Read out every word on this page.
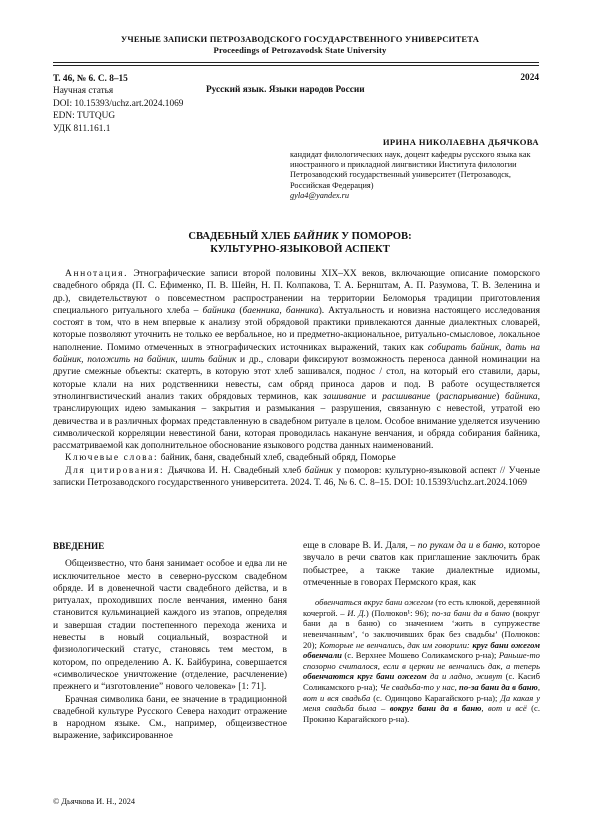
УЧЕНЫЕ ЗАПИСКИ ПЕТРОЗАВОДСКОГО ГОСУДАРСТВЕННОГО УНИВЕРСИТЕТА
Proceedings of Petrozavodsk State University
Т. 46, № 6. С. 8–15
Научная статья
DOI: 10.15393/uchz.art.2024.1069
EDN: TUTQUG
УДК 811.161.1
2024
Русский язык. Языки народов России
ИРИНА НИКОЛАЕВНА ДЬЯЧКОВА

кандидат филологических наук, доцент кафедры русского языка как иностранного и прикладной лингвистики Института филологии

Петрозаводский государственный университет (Петрозаводск, Российская Федерация)

gyla4@yandex.ru

СВАДЕБНЫЙ ХЛЕБ БАЙНИК У ПОМОРОВ:
КУЛЬТУРНО-ЯЗЫКОВОЙ АСПЕКТ

Аннотация. Этнографические записи второй половины XIX–XX веков, включающие описание поморского свадебного обряда (П. С. Ефименко, П. В. Шейн, Н. П. Колпакова, Т. А. Бернштам, А. П. Разумова, Т. В. Зеленина и др.), свидетельствуют о повсеместном распространении на территории Беломорья традиции приготовления специального ритуального хлеба – байника (баенника, банника). Актуальность и новизна настоящего исследования состоят в том, что в нем впервые к анализу этой обрядовой практики привлекаются данные диалектных словарей, которые позволяют уточнить не только ее вербальное, но и предметно-акциональное, ритуально-смысловое, локальное наполнение. Помимо отмеченных в этнографических источниках выражений, таких как собирать байник, дать на байник, положить на байник, шить байник и др., словари фиксируют возможность переноса данной номинации на другие смежные объекты: скатерть, в которую этот хлеб зашивался, поднос / стол, на который его ставили, дары, которые клали на них родственники невесты, сам обряд приноса даров и под. В работе осуществляется этнолингвистический анализ таких обрядовых терминов, как зашивание и расшивание (распарывание) байника, транслирующих идею замыкания – закрытия и размыкания – разрушения, связанную с невестой, утратой ею девичества и в различных формах представленную в свадебном ритуале в целом. Особое внимание уделяется изучению символической корреляции невестиной бани, которая проводилась накануне венчания, и обряда собирания байника, рассматриваемой как дополнительное обоснование языкового родства данных наименований.

Ключевые слова: байник, баня, свадебный хлеб, свадебный обряд, Поморье

Для цитирования: Дьячкова И. Н. Свадебный хлеб байник у поморов: культурно-языковой аспект // Ученые записки Петрозаводского государственного университета. 2024. Т. 46, № 6. С. 8–15. DOI: 10.15393/uchz.art.2024.1069

ВВЕДЕНИЕ

Общеизвестно, что баня занимает особое и едва ли не исключительное место в северно-русском свадебном обряде. И в довенечной части свадебного действа, и в ритуалах, проходивших после венчания, именно баня становится кульминацией каждого из этапов, определяя и завершая стадии постепенного перехода жениха и невесты в новый социальный, возрастной и физиологический статус, становясь тем местом, в котором, по определению А. К. Байбурина, совершается «символическое уничтожение (отделение, расчленение) прежнего и “изготовление” нового человека» [1: 71].

Брачная символика бани, ее значение в традиционной свадебной культуре Русского Севера находит отражение в народном языке. См., например, общеизвестное выражение, зафиксированное

еще в словаре В. И. Даля, – по рукам да и в баню, которое звучало в речи сватов как приглашение заключить брак побыстрее, а также такие диалектные идиомы, отмеченные в говорах Пермского края, как

обвенчаться вкруг бани ожегом (то есть клюкой, деревянной кочергой. – И. Д.) (Полюков¹: 96); по-за бани да в баню (вокруг бани да в баню) со значением ‘жить в супружестве невенчанным’, ‘о заключивших брак без свадьбы’ (Полюков: 20); Которые не венчались, дак им говорили: круг бани ожегом обвенчали (с. Верхнее Мошево Соликамского р-на); Раньше-то спозорно считалося, если в церкви не венчались дак, а теперь обвенчаются круг бани ожегом да и ладно, живут (с. Касиб Соликамского р-на); Че свадьба-то у нас, по-за бани да в баню, вот и вся свадьба (с. Одинцово Карагайского р-на); Да какая у меня свадьба была – вокруг бани да в баню, вот и всё (с. Прокино Карагайского р-на).

© Дьячкова И. Н., 2024
